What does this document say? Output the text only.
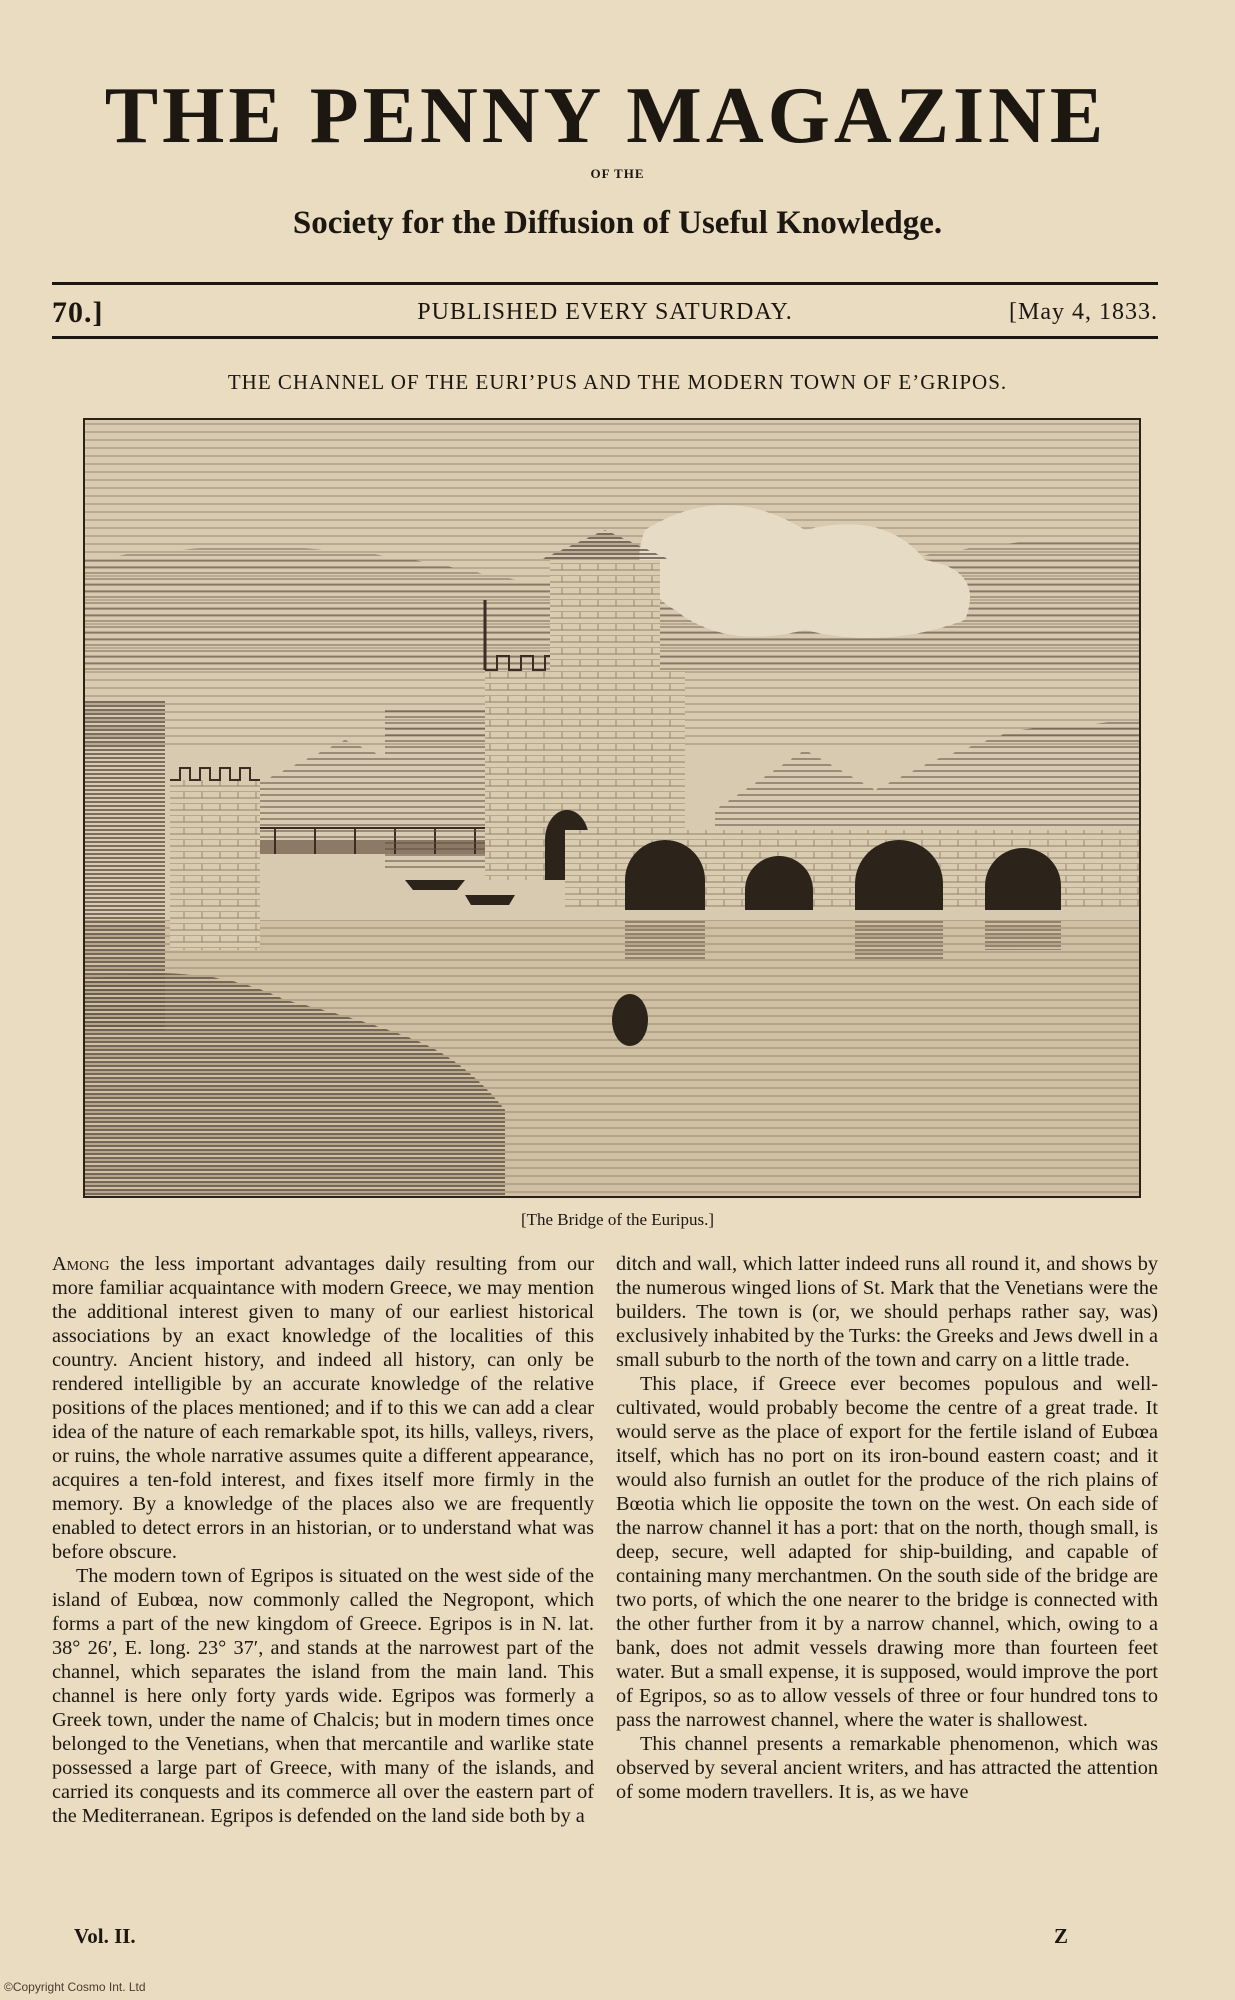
THE PENNY MAGAZINE
OF THE
Society for the Diffusion of Useful Knowledge.
70.]	PUBLISHED EVERY SATURDAY.	[May 4, 1833.
THE CHANNEL OF THE EURI’PUS AND THE MODERN TOWN OF E’GRIPOS.
[The Bridge of the Euripus.]

Among the less important advantages daily resulting from our more familiar acquaintance with modern Greece, we may mention the additional interest given to many of our earliest historical associations by an exact knowledge of the localities of this country. Ancient history, and indeed all history, can only be rendered intelligible by an accurate knowledge of the relative positions of the places mentioned; and if to this we can add a clear idea of the nature of each remarkable spot, its hills, valleys, rivers, or ruins, the whole narrative assumes quite a different appearance, acquires a ten-fold interest, and fixes itself more firmly in the memory. By a knowledge of the places also we are frequently enabled to detect errors in an historian, or to understand what was before obscure.

The modern town of Egripos is situated on the west side of the island of Eubœa, now commonly called the Negropont, which forms a part of the new kingdom of Greece. Egripos is in N. lat. 38° 26′, E. long. 23° 37′, and stands at the narrowest part of the channel, which separates the island from the main land. This channel is here only forty yards wide. Egripos was formerly a Greek town, under the name of Chalcis; but in modern times once belonged to the Venetians, when that mercantile and warlike state possessed a large part of Greece, with many of the islands, and carried its conquests and its commerce all over the eastern part of the Mediterranean. Egripos is defended on the land side both by a

ditch and wall, which latter indeed runs all round it, and shows by the numerous winged lions of St. Mark that the Venetians were the builders. The town is (or, we should perhaps rather say, was) exclusively inhabited by the Turks: the Greeks and Jews dwell in a small suburb to the north of the town and carry on a little trade.

This place, if Greece ever becomes populous and well-cultivated, would probably become the centre of a great trade. It would serve as the place of export for the fertile island of Eubœa itself, which has no port on its iron-bound eastern coast; and it would also furnish an outlet for the produce of the rich plains of Bœotia which lie opposite the town on the west. On each side of the narrow channel it has a port: that on the north, though small, is deep, secure, well adapted for ship-building, and capable of containing many merchantmen. On the south side of the bridge are two ports, of which the one nearer to the bridge is connected with the other further from it by a narrow channel, which, owing to a bank, does not admit vessels drawing more than fourteen feet water. But a small expense, it is supposed, would improve the port of Egripos, so as to allow vessels of three or four hundred tons to pass the narrowest channel, where the water is shallowest.

This channel presents a remarkable phenomenon, which was observed by several ancient writers, and has attracted the attention of some modern travellers. It is, as we have

Vol. II.	Z
©Copyright Cosmo Int. Ltd
